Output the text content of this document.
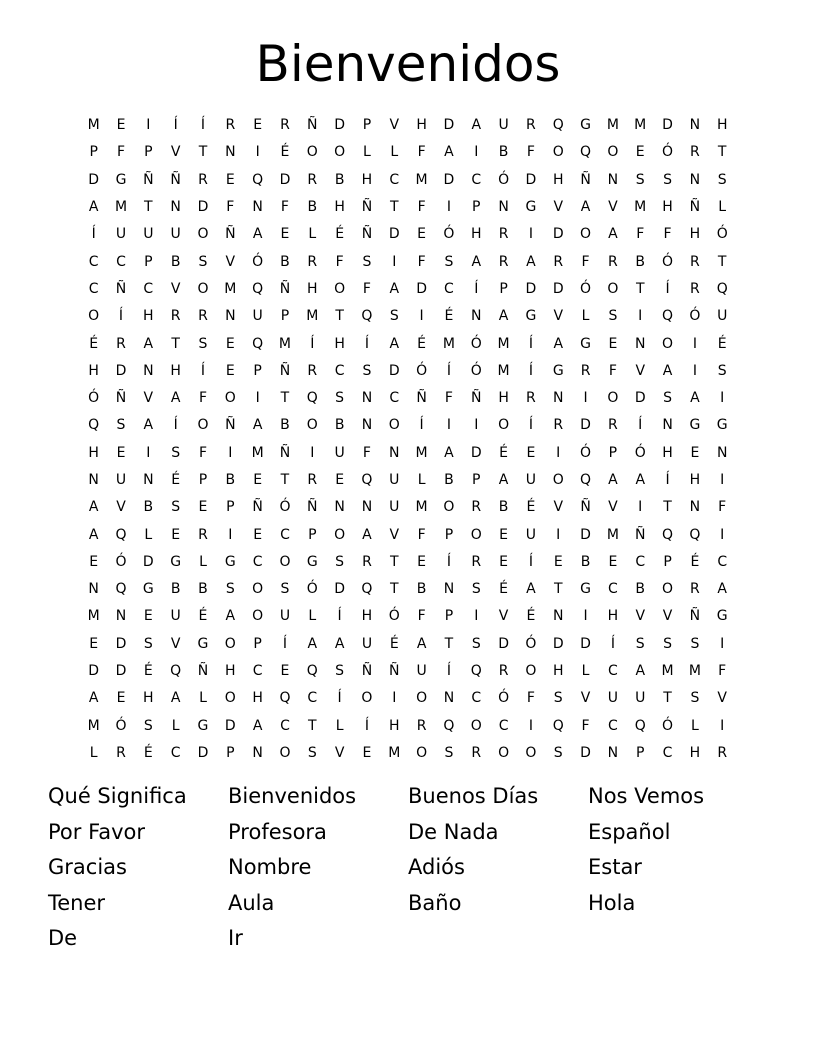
Bienvenidos
M	E	I	Í	Í	R	E	R	Ñ	D	P	V	H	D	A	U	R	Q	G	M	M	D	N	H
P	F	P	V	T	N	I	É	O	O	L	L	F	A	I	B	F	O	Q	O	E	Ó	R	T
D	G	Ñ	Ñ	R	E	Q	D	R	B	H	C	M	D	C	Ó	D	H	Ñ	N	S	S	N	S
A	M	T	N	D	F	N	F	B	H	Ñ	T	F	I	P	N	G	V	A	V	M	H	Ñ	L
Í	U	U	U	O	Ñ	A	E	L	É	Ñ	D	E	Ó	H	R	I	D	O	A	F	F	H	Ó
C	C	P	B	S	V	Ó	B	R	F	S	I	F	S	A	R	A	R	F	R	B	Ó	R	T
C	Ñ	C	V	O	M	Q	Ñ	H	O	F	A	D	C	Í	P	D	D	Ó	O	T	Í	R	Q
O	Í	H	R	R	N	U	P	M	T	Q	S	I	É	N	A	G	V	L	S	I	Q	Ó	U
É	R	A	T	S	E	Q	M	Í	H	Í	A	É	M	Ó	M	Í	A	G	E	N	O	I	É
H	D	N	H	Í	E	P	Ñ	R	C	S	D	Ó	Í	Ó	M	Í	G	R	F	V	A	I	S
Ó	Ñ	V	A	F	O	I	T	Q	S	N	C	Ñ	F	Ñ	H	R	N	I	O	D	S	A	I
Q	S	A	Í	O	Ñ	A	B	O	B	N	O	Í	I	I	O	Í	R	D	R	Í	N	G	G
H	E	I	S	F	I	M	Ñ	I	U	F	N	M	A	D	É	E	I	Ó	P	Ó	H	E	N
N	U	N	É	P	B	E	T	R	E	Q	U	L	B	P	A	U	O	Q	A	A	Í	H	I
A	V	B	S	E	P	Ñ	Ó	Ñ	N	N	U	M	O	R	B	É	V	Ñ	V	I	T	N	F
A	Q	L	E	R	I	E	C	P	O	A	V	F	P	O	E	U	I	D	M	Ñ	Q	Q	I
E	Ó	D	G	L	G	C	O	G	S	R	T	E	Í	R	E	Í	E	B	E	C	P	É	C
N	Q	G	B	B	S	O	S	Ó	D	Q	T	B	N	S	É	A	T	G	C	B	O	R	A
M	N	E	U	É	A	O	U	L	Í	H	Ó	F	P	I	V	É	N	I	H	V	V	Ñ	G
E	D	S	V	G	O	P	Í	A	A	U	É	A	T	S	D	Ó	D	D	Í	S	S	S	I
D	D	É	Q	Ñ	H	C	E	Q	S	Ñ	Ñ	U	Í	Q	R	O	H	L	C	A	M	M	F
A	E	H	A	L	O	H	Q	C	Í	O	I	O	N	C	Ó	F	S	V	U	U	T	S	V
M	Ó	S	L	G	D	A	C	T	L	Í	H	R	Q	O	C	I	Q	F	C	Q	Ó	L	I
L	R	É	C	D	P	N	O	S	V	E	M	O	S	R	O	O	S	D	N	P	C	H	R
Qué Significa	Bienvenidos	Buenos Días	Nos Vemos
Por Favor	Profesora	De Nada	Español
Gracias	Nombre	Adiós	Estar
Tener	Aula	Baño	Hola
De	Ir
